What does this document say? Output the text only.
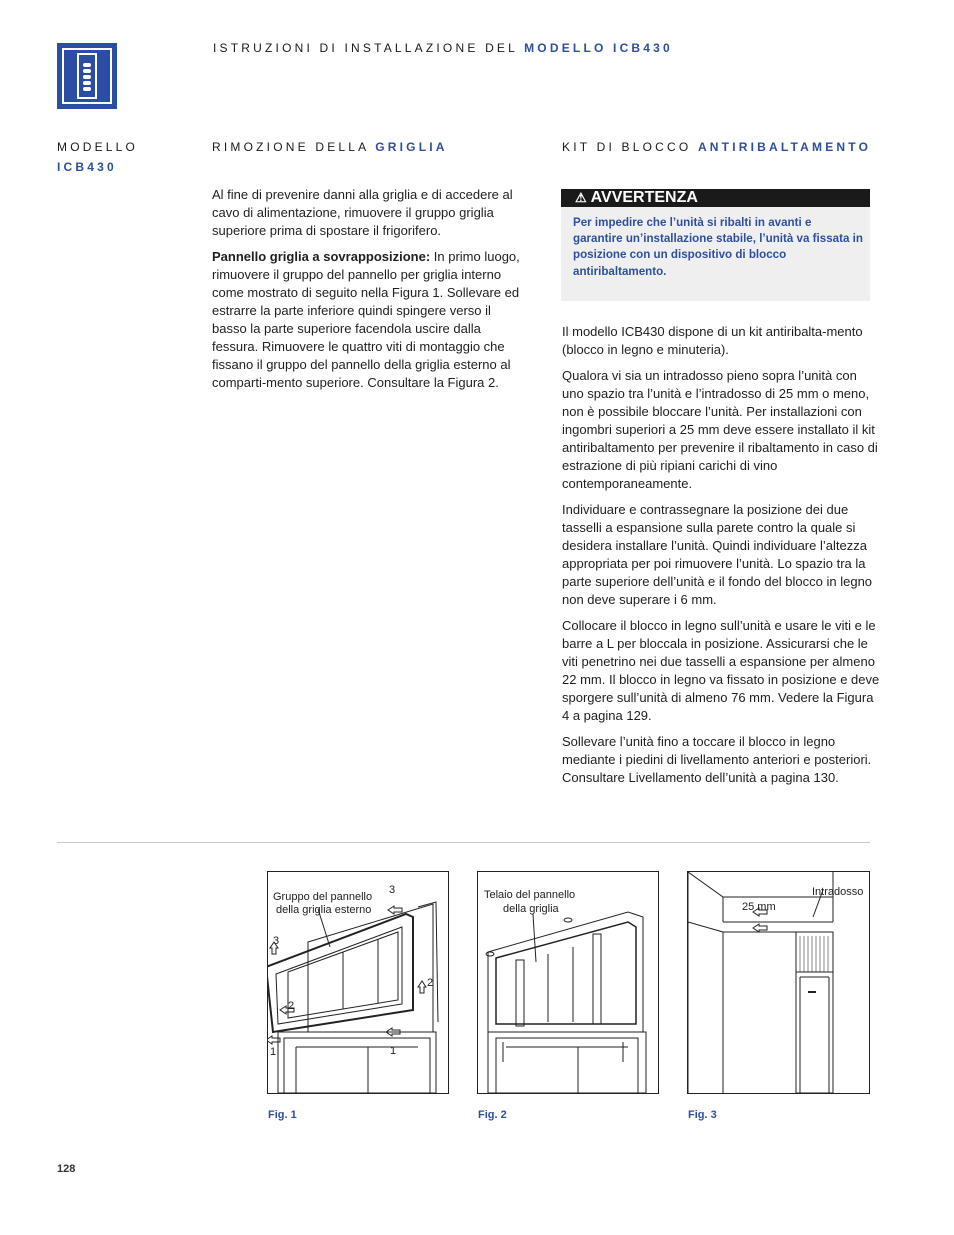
ISTRUZIONI DI INSTALLAZIONE DEL MODELLO ICB430
MODELLO
ICB430
RIMOZIONE DELLA GRIGLIA

Al fine di prevenire danni alla griglia e di accedere al cavo di alimentazione, rimuovere il gruppo griglia superiore prima di spostare il frigorifero.

Pannello griglia a sovrapposizione: In primo luogo, rimuovere il gruppo del pannello per griglia interno come mostrato di seguito nella Figura 1. Sollevare ed estrarre la parte inferiore quindi spingere verso il basso la parte superiore facendola uscire dalla fessura. Rimuovere le quattro viti di montaggio che fissano il gruppo del pannello della griglia esterno al comparti-mento superiore. Consultare la Figura 2.

KIT DI BLOCCO ANTIRIBALTAMENTO
⚠ AVVERTENZA
Per impedire che l’unità si ribalti in avanti e garantire un’installazione stabile, l’unità va fissata in posizione con un dispositivo di blocco antiribaltamento.

Il modello ICB430 dispone di un kit antiribalta-mento (blocco in legno e minuteria).

Qualora vi sia un intradosso pieno sopra l’unità con uno spazio tra l’unità e l’intradosso di 25 mm o meno, non è possibile bloccare l’unità. Per installazioni con ingombri superiori a 25 mm deve essere installato il kit antiribaltamento per prevenire il ribaltamento in caso di estrazione di più ripiani carichi di vino contemporaneamente.

Individuare e contrassegnare la posizione dei due tasselli a espansione sulla parete contro la quale si desidera installare l’unità. Quindi individuare l’altezza appropriata per poi rimuovere l’unità. Lo spazio tra la parte superiore dell’unità e il fondo del blocco in legno non deve superare i 6 mm.

Collocare il blocco in legno sull’unità e usare le viti e le barre a L per bloccala in posizione. Assicurarsi che le viti penetrino nei due tasselli a espansione per almeno 22 mm. Il blocco in legno va fissato in posizione e deve sporgere sull’unità di almeno 76 mm. Vedere la Figura 4 a pagina 129.

Sollevare l’unità fino a toccare il blocco in legno mediante i piedini di livellamento anteriori e posteriori. Consultare Livellamento dell’unità a pagina 130.

Gruppo del pannello
della griglia esterno
3
3
2
2
1	1
Fig. 1
Telaio del pannello
della griglia
Fig. 2
Intradosso
25 mm
Fig. 3
128
